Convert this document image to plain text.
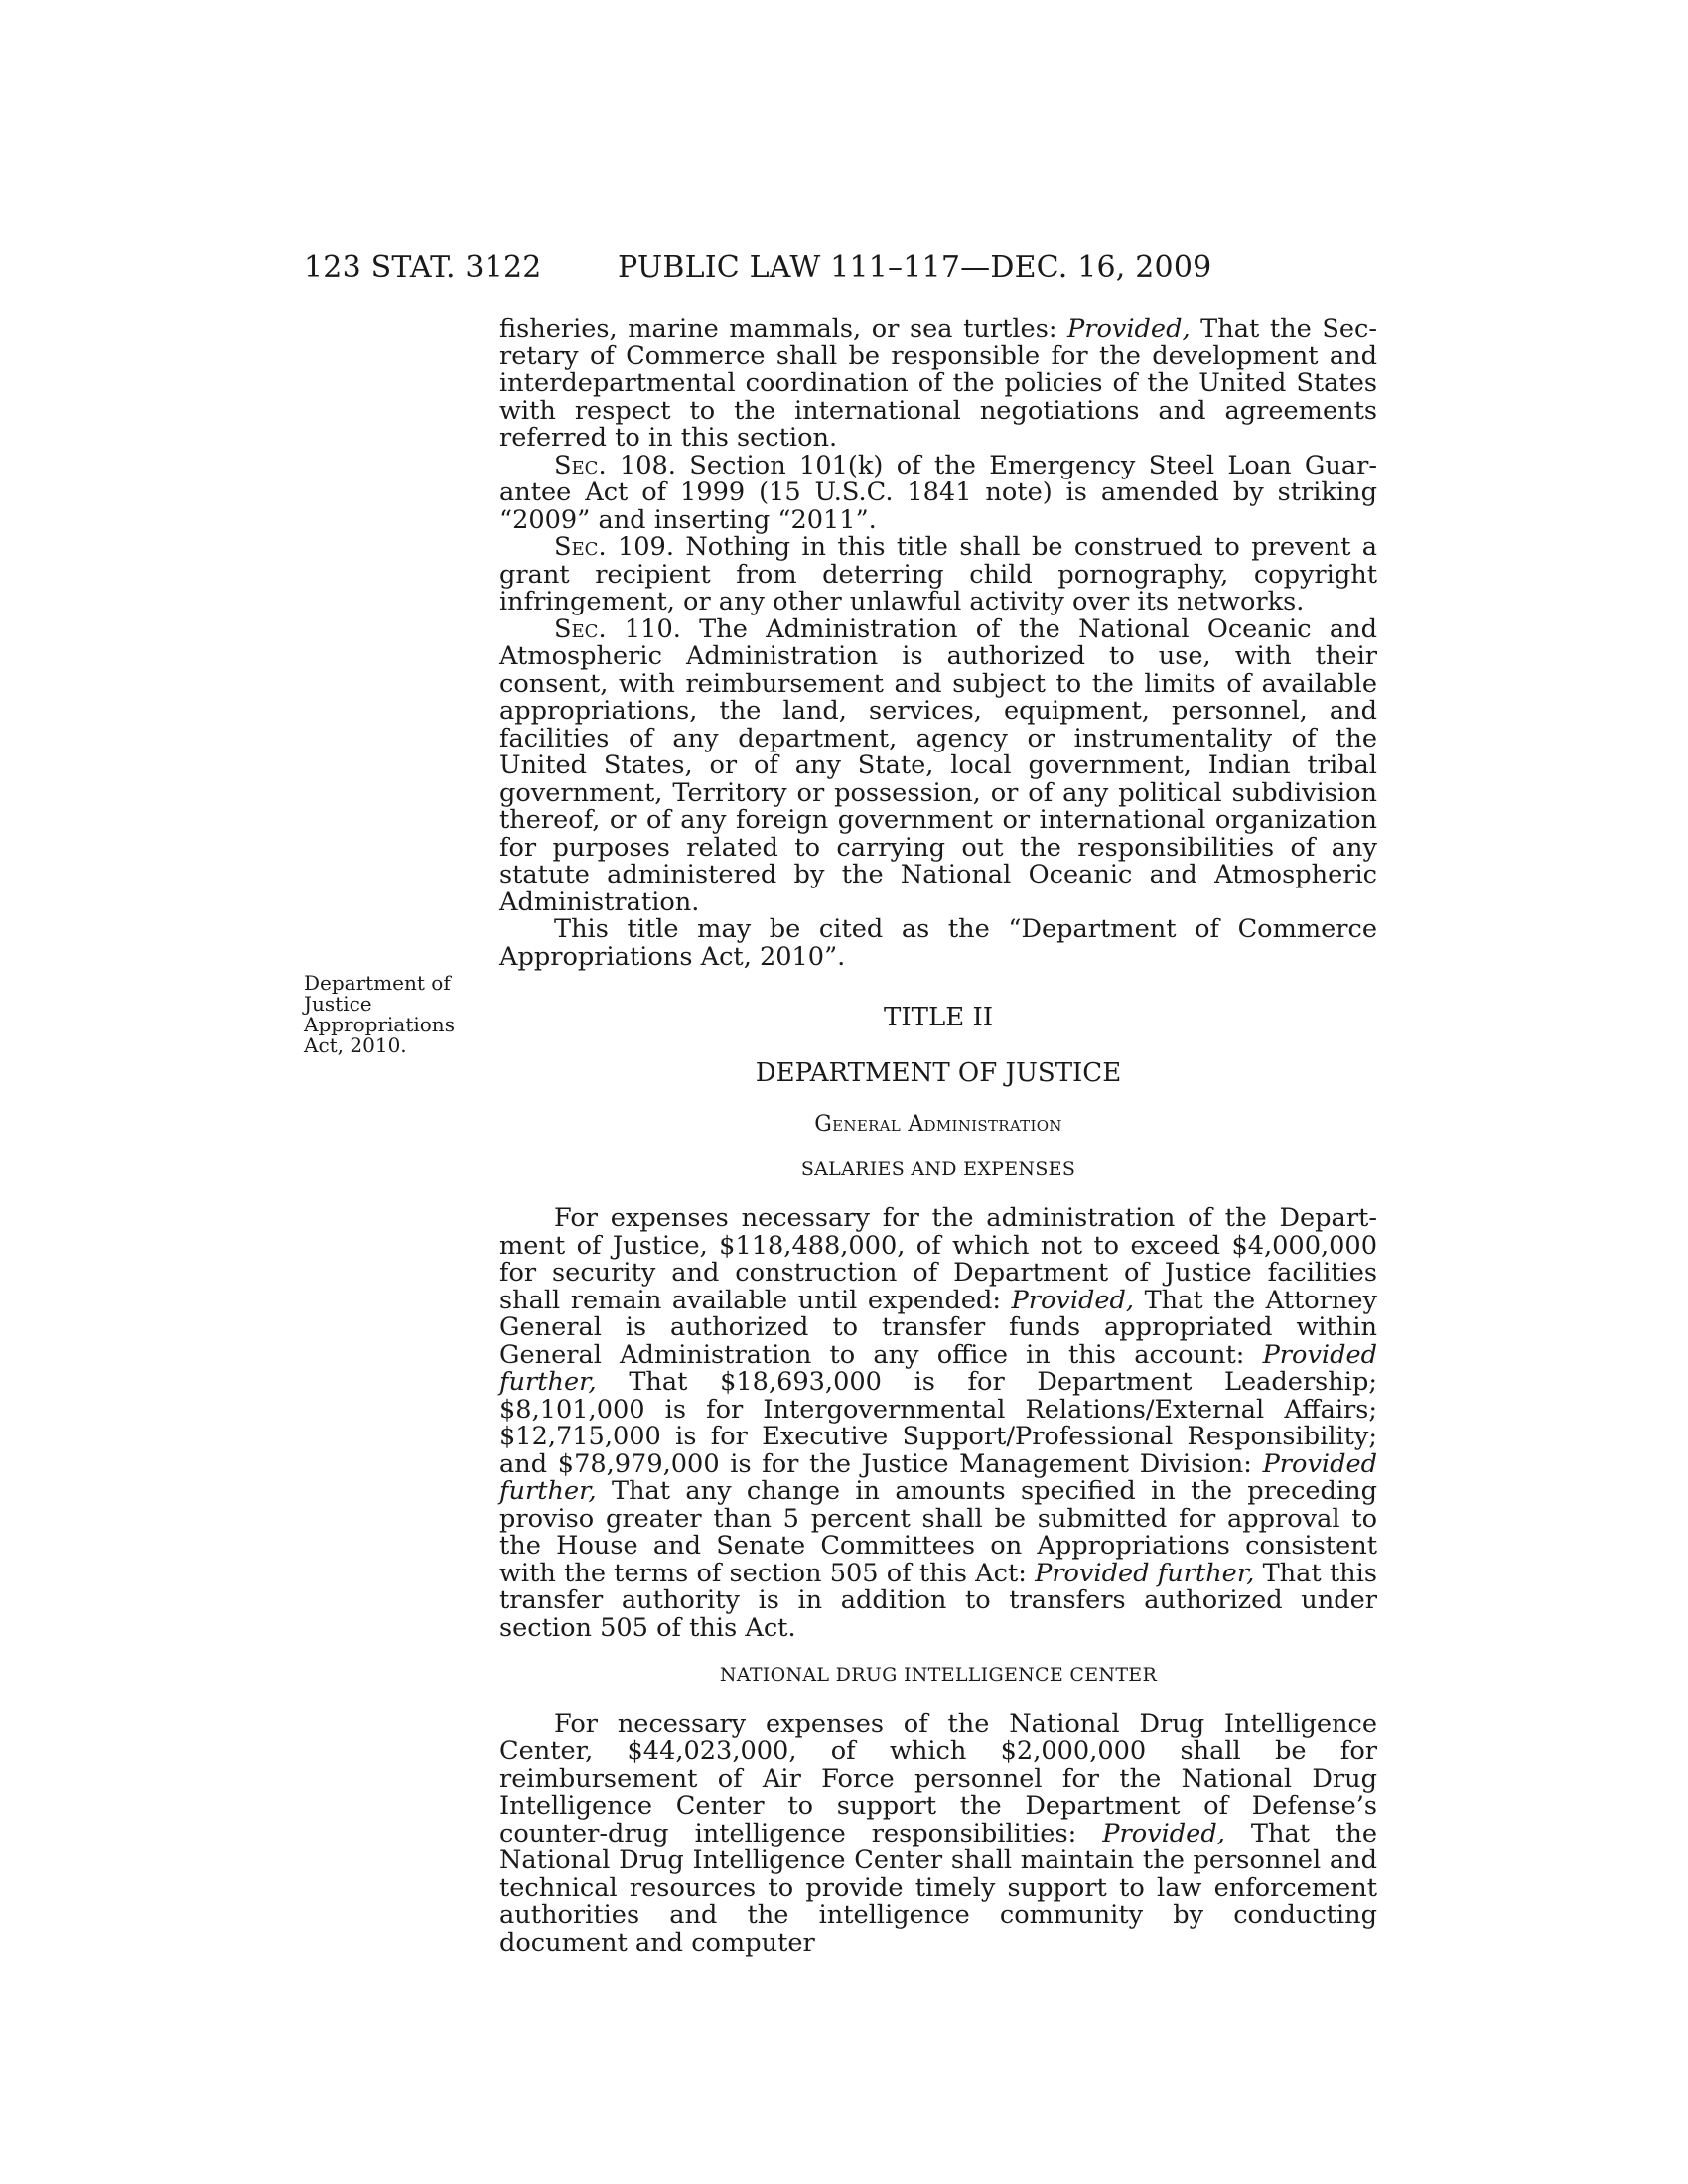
123 STAT. 3122	PUBLIC LAW 111–117—DEC. 16, 2009
Department of
Justice
Appropriations
Act, 2010.

fisheries, marine mammals, or sea turtles: Provided, That the Secretary of Commerce shall be responsible for the development and interdepartmental coordination of the policies of the United States with respect to the international negotiations and agreements referred to in this section.

Sec. 108. Section 101(k) of the Emergency Steel Loan Guarantee Act of 1999 (15 U.S.C. 1841 note) is amended by striking “2009” and inserting “2011”.

Sec. 109. Nothing in this title shall be construed to prevent a grant recipient from deterring child pornography, copyright infringement, or any other unlawful activity over its networks.

Sec. 110. The Administration of the National Oceanic and Atmospheric Administration is authorized to use, with their consent, with reimbursement and subject to the limits of available appropriations, the land, services, equipment, personnel, and facilities of any department, agency or instrumentality of the United States, or of any State, local government, Indian tribal government, Territory or possession, or of any political subdivision thereof, or of any foreign government or international organization for purposes related to carrying out the responsibilities of any statute administered by the National Oceanic and Atmospheric Administration.

This title may be cited as the “Department of Commerce Appropriations Act, 2010”.

TITLE II

DEPARTMENT OF JUSTICE

General Administration

SALARIES AND EXPENSES

For expenses necessary for the administration of the Department of Justice, $118,488,000, of which not to exceed $4,000,000 for security and construction of Department of Justice facilities shall remain available until expended: Provided, That the Attorney General is authorized to transfer funds appropriated within General Administration to any office in this account: Provided further, That $18,693,000 is for Department Leadership; $8,101,000 is for Intergovernmental Relations/External Affairs; $12,715,000 is for Executive Support/Professional Responsibility; and $78,979,000 is for the Justice Management Division: Provided further, That any change in amounts specified in the preceding proviso greater than 5 percent shall be submitted for approval to the House and Senate Committees on Appropriations consistent with the terms of section 505 of this Act: Provided further, That this transfer authority is in addition to transfers authorized under section 505 of this Act.

NATIONAL DRUG INTELLIGENCE CENTER

For necessary expenses of the National Drug Intelligence Center, $44,023,000, of which $2,000,000 shall be for reimbursement of Air Force personnel for the National Drug Intelligence Center to support the Department of Defense’s counter-drug intelligence responsibilities: Provided, That the National Drug Intelligence Center shall maintain the personnel and technical resources to provide timely support to law enforcement authorities and the intelligence community by conducting document and computer
